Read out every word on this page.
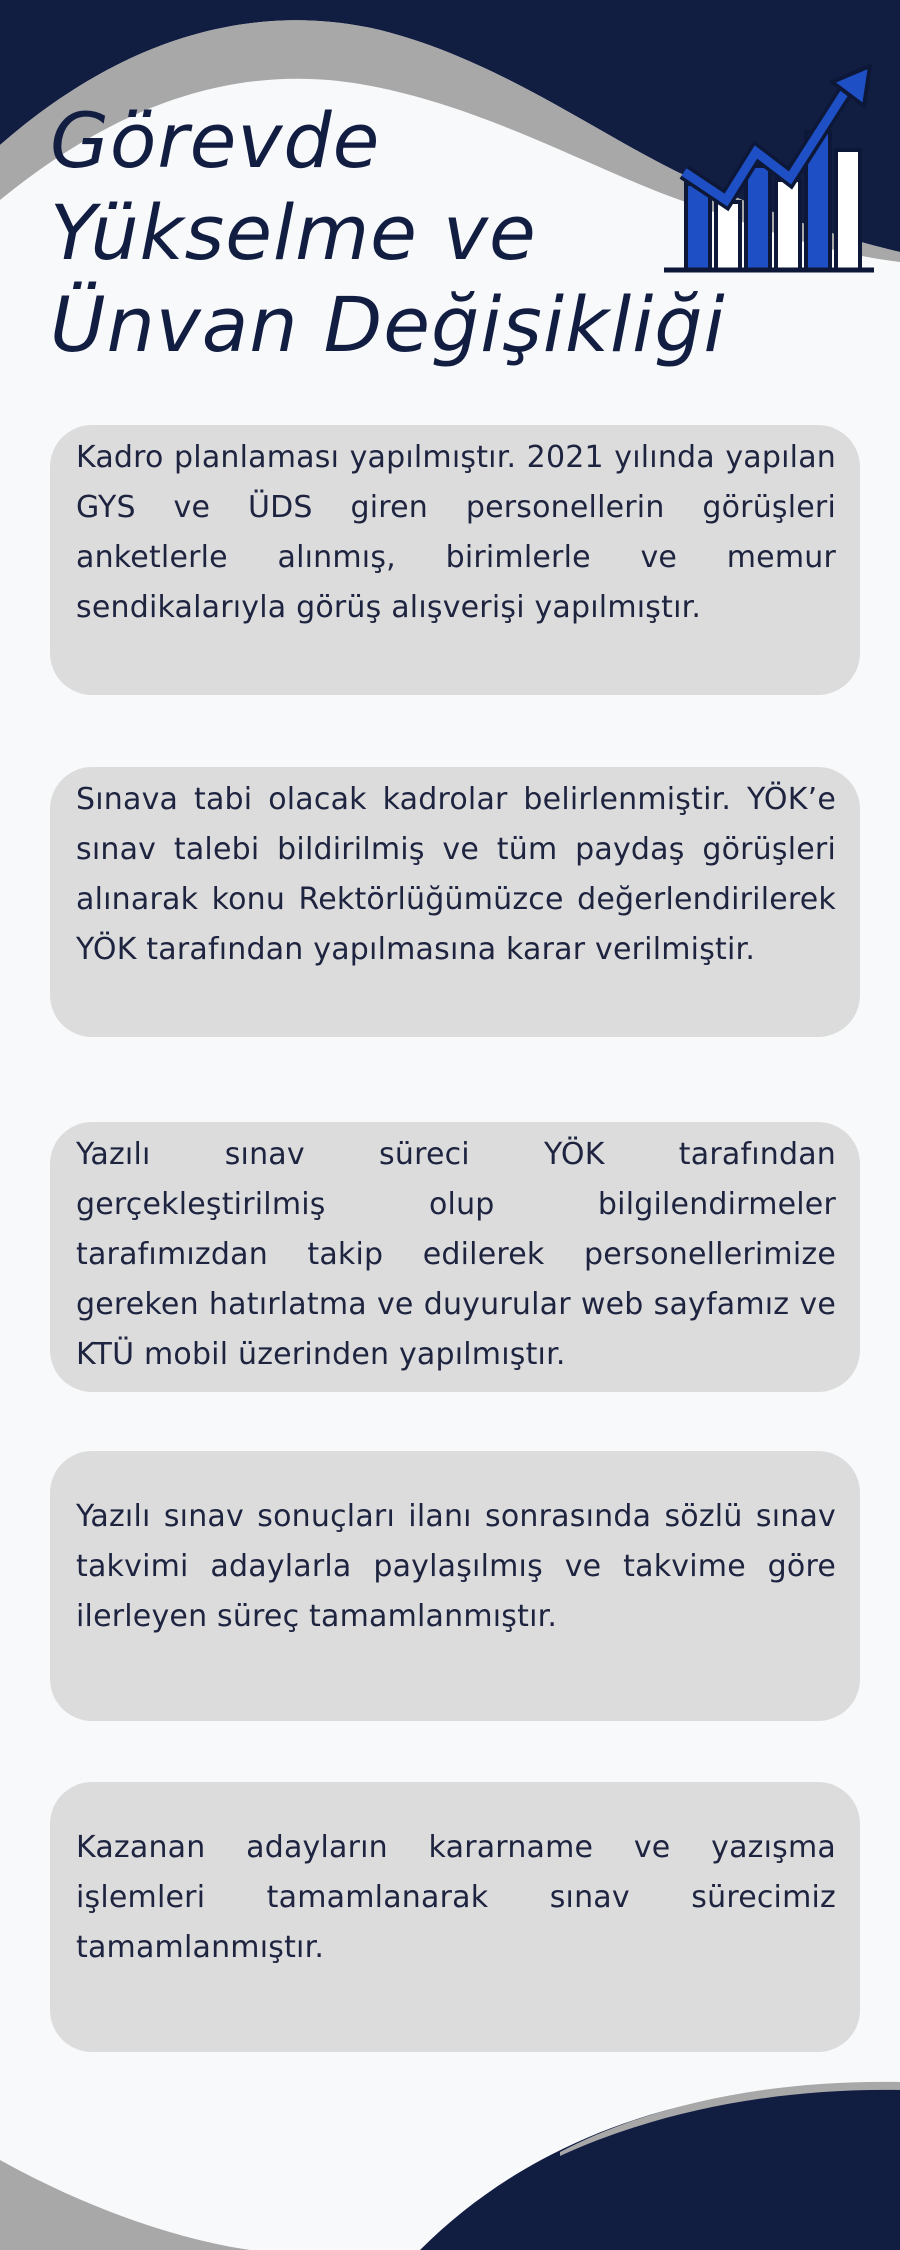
Görevde
Yükselme ve
Ünvan Değişikliği

Kadro planlaması yapılmıştır. 2021 yılında yapılan GYS ve ÜDS giren personellerin görüşleri anketlerle alınmış, birimlerle ve memur sendikalarıyla görüş alışverişi yapılmıştır.

Sınava tabi olacak kadrolar belirlenmiştir. YÖK’e sınav talebi bildirilmiş ve tüm paydaş görüşleri alınarak konu Rektörlüğümüzce değerlendirilerek YÖK tarafından yapılmasına karar verilmiştir.

Yazılı sınav süreci YÖK tarafından gerçekleştirilmiş olup bilgilendirmeler tarafımızdan takip edilerek personellerimize gereken hatırlatma ve duyurular web sayfamız ve KTÜ mobil üzerinden yapılmıştır.

Yazılı sınav sonuçları ilanı sonrasında sözlü sınav takvimi adaylarla paylaşılmış ve takvime göre ilerleyen süreç tamamlanmıştır.

Kazanan adayların kararname ve yazışma işlemleri tamamlanarak sınav sürecimiz tamamlanmıştır.
